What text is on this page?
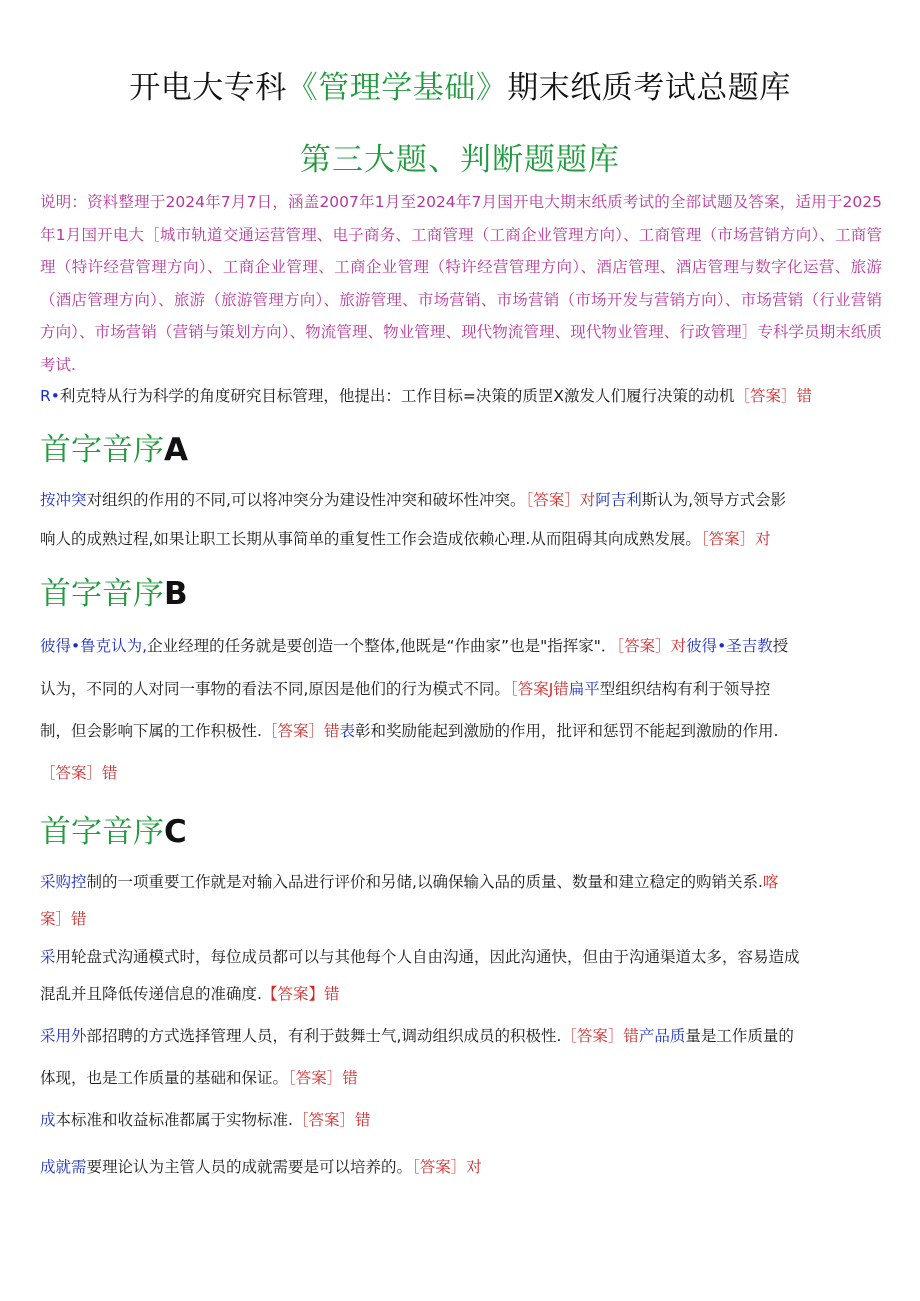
开电大专科《管理学基础》期末纸质考试总题库
第三大题、判断题题库
说明：资料整理于2024年7月7日，涵盖2007年1月至2024年7月国开电大期末纸质考试的全部试题及答案，适用于2025年1月国开电大［城市轨道交通运营管理、电子商务、工商管理（工商企业管理方向）、工商管理（市场营销方向）、工商管理（特许经营管理方向）、工商企业管理、工商企业管理（特许经营管理方向）、酒店管理、酒店管理与数字化运营、旅游（酒店管理方向）、旅游（旅游管理方向）、旅游管理、市场营销、市场营销（市场开发与营销方向）、市场营销（行业营销方向）、市场营销（营销与策划方向）、物流管理、物业管理、现代物流管理、现代物业管理、行政管理］专科学员期末纸质考试.
R•利克特从行为科学的角度研究目标管理，他提出：工作目标=决策的质罡X激发人们履行决策的动机［答案］错
首字音序A
按冲突对组织的作用的不同,可以将冲突分为建设性冲突和破坏性冲突。［答案］对阿吉利斯认为,领导方式会影
响人的成熟过程,如果让职工长期从事简单的重复性工作会造成依赖心理.从而阻碍其向成熟发展。［答案］对
首字音序B
彼得•鲁克认为,企业经理的任务就是要创造一个整体,他既是“作曲家”也是"指挥家"．［答案］对彼得•圣吉教授
认为，不同的人对同一事物的看法不同,原因是他们的行为模式不同。［答案J错扁平型组织结构有利于领导控
制，但会影响下属的工作积极性.［答案］错表彰和奖励能起到激励的作用，批评和惩罚不能起到激励的作用.
［答案］错
首字音序C
采购控制的一项重要工作就是对输入品进行评价和另储,以确保输入品的质量、数量和建立稳定的购销关系.喀
案］错
采用轮盘式沟通模式时，每位成员都可以与其他每个人自由沟通，因此沟通快，但由于沟通渠道太多，容易造成
混乱并且降低传递信息的准确度.【答案】错
采用外部招聘的方式选择管理人员，有利于鼓舞士气,调动组织成员的积极性.［答案］错产品质量是工作质量的
体现，也是工作质量的基础和保证。［答案］错
成本标准和收益标准都属于实物标准.［答案］错
成就需要理论认为主管人员的成就需要是可以培养的。［答案］对
